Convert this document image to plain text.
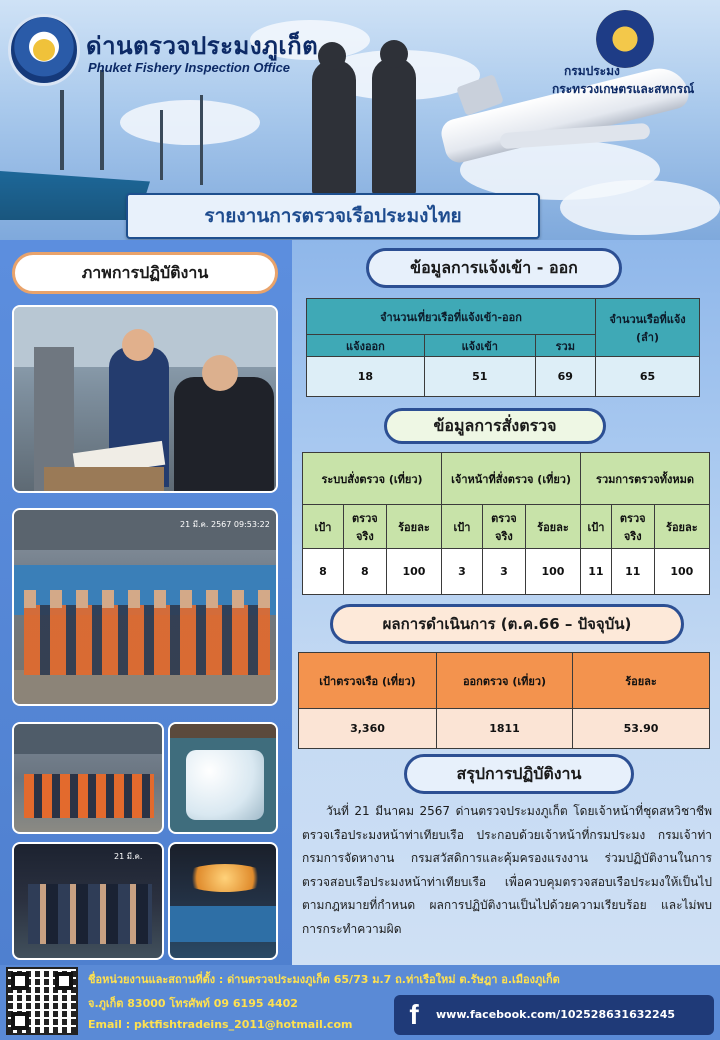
ด่านตรวจประมงภูเก็ต
Phuket Fishery Inspection Office	กรมประมง
กระทรวงเกษตรและสหกรณ์
รายงานการตรวจเรือประมงไทย
ภาพการปฏิบัติงาน
21 มี.ค. 2567 09:53:22
21 มี.ค.
ข้อมูลการแจ้งเข้า - ออก
จำนวนเที่ยวเรือที่แจ้งเข้า-ออก			จำนวนเรือที่แจ้ง (ลำ)
แจ้งออก	แจ้งเข้า	รวม	
18	51	69	65
ข้อมูลการสั่งตรวจ
ระบบสั่งตรวจ (เที่ยว)			เจ้าหน้าที่สั่งตรวจ (เที่ยว)			รวมการตรวจทั้งหมด		
เป้า	ตรวจจริง	ร้อยละ	เป้า	ตรวจจริง	ร้อยละ	เป้า	ตรวจจริง	ร้อยละ
8	8	100	3	3	100	11	11	100
ผลการดำเนินการ (ต.ค.66 – ปัจจุบัน)
เป้าตรวจเรือ (เที่ยว)	ออกตรวจ (เที่ยว)	ร้อยละ
3,360	1811	53.90
สรุปการปฏิบัติงาน

วันที่ 21 มีนาคม 2567 ด่านตรวจประมงภูเก็ต โดยเจ้าหน้าที่ชุดสหวิชาชีพตรวจเรือประมงหน้าท่าเทียบเรือ ประกอบด้วยเจ้าหน้าที่กรมประมง กรมเจ้าท่า กรมการจัดหางาน กรมสวัสดิการและคุ้มครองแรงงาน ร่วมปฏิบัติงานในการตรวจสอบเรือประมงหน้าท่าเทียบเรือ เพื่อควบคุมตรวจสอบเรือประมงให้เป็นไปตามกฎหมายที่กำหนด ผลการปฏิบัติงานเป็นไปด้วยความเรียบร้อย และไม่พบการกระทำความผิด

ชื่อหน่วยงานและสถานที่ตั้ง : ด่านตรวจประมงภูเก็ต 65/73 ม.7 ถ.ท่าเรือใหม่ ต.รัษฎา อ.เมืองภูเก็ต
จ.ภูเก็ต 83000 โทรศัพท์ 09 6195 4402
Email : pktfishtradeins_2011@hotmail.com f	www.facebook.com/102528631632245
